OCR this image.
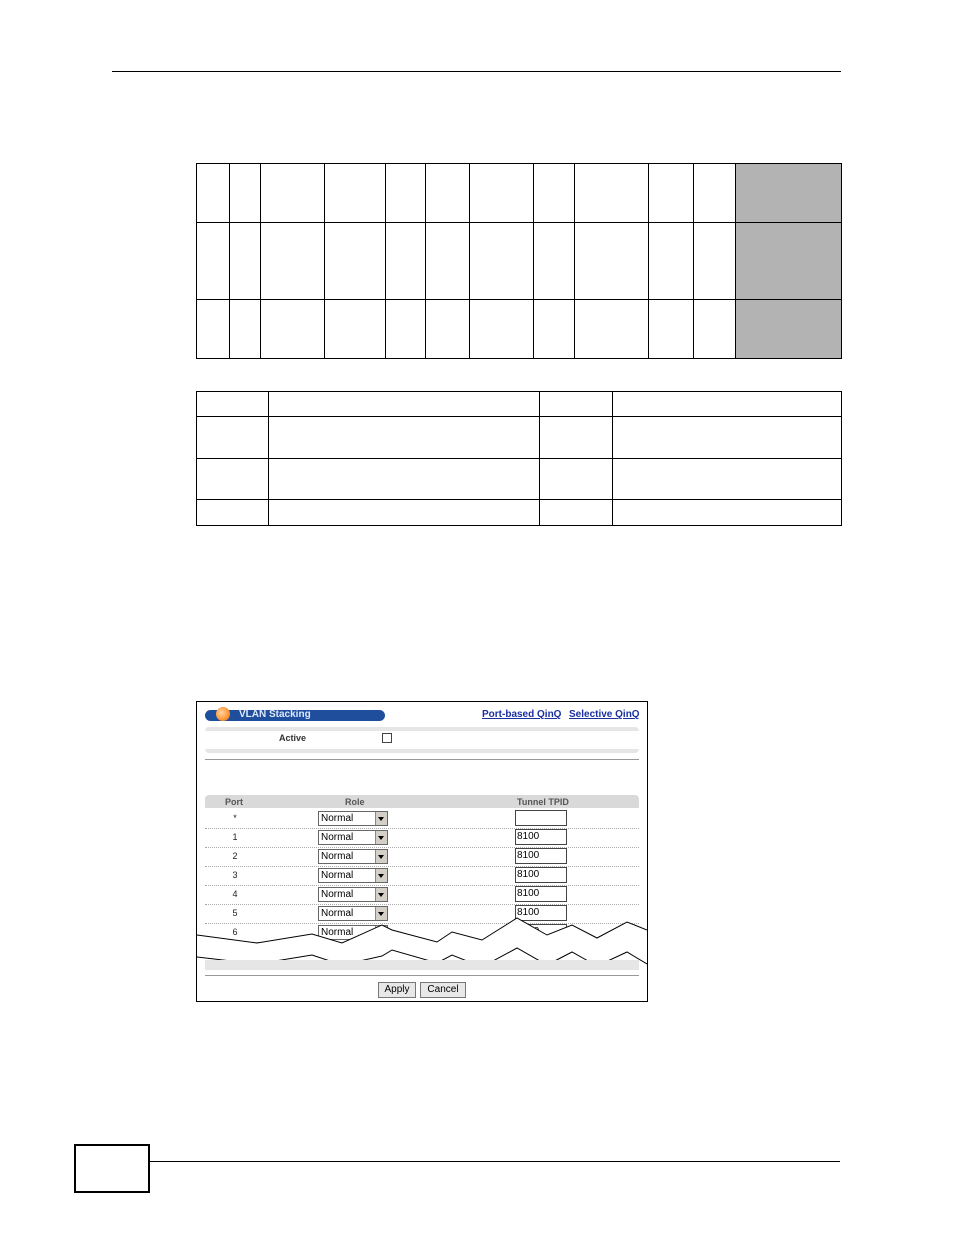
VLAN Stacking	Port-based QinQ Selective QinQ
Active
Port	Role	Tunnel TPID
*	Normal
1	Normal	8100
2	Normal	8100
3	Normal	8100
4	Normal	8100
5	Normal	8100
6	Normal
Apply	Cancel
